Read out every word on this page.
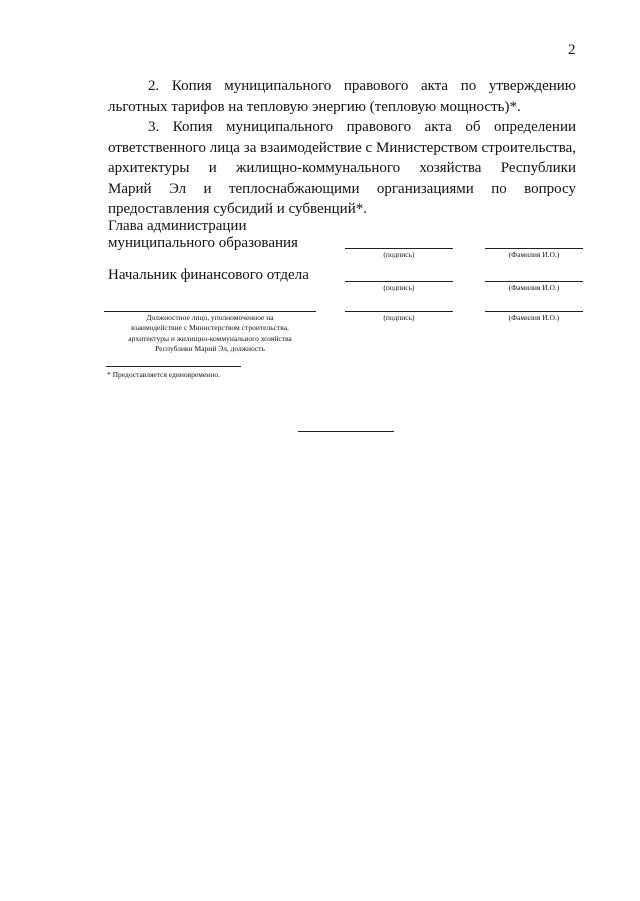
2
2. Копия муниципального правового акта по утверждению
льготных тарифов на тепловую энергию (тепловую мощность)*.
3. Копия муниципального правового акта об определении
ответственного лица за взаимодействие с Министерством строительства,
архитектуры и жилищно-коммунального хозяйства Республики
Марий Эл и теплоснабжающими организациями по вопросу
предоставления субсидий и субвенций*.
Глава администрации
муниципального образования
(подпись)	(Фамилия И.О.)
Начальник финансового отдела
(подпись)	(Фамилия И.О.)
Должностное лицо, уполномоченное на
взаимодействие с Министерством строительства,
архитектуры и жилищно-коммунального хозяйства
Республики Марий Эл, должность
(подпись)	(Фамилия И.О.)
* Предоставляется единовременно.
